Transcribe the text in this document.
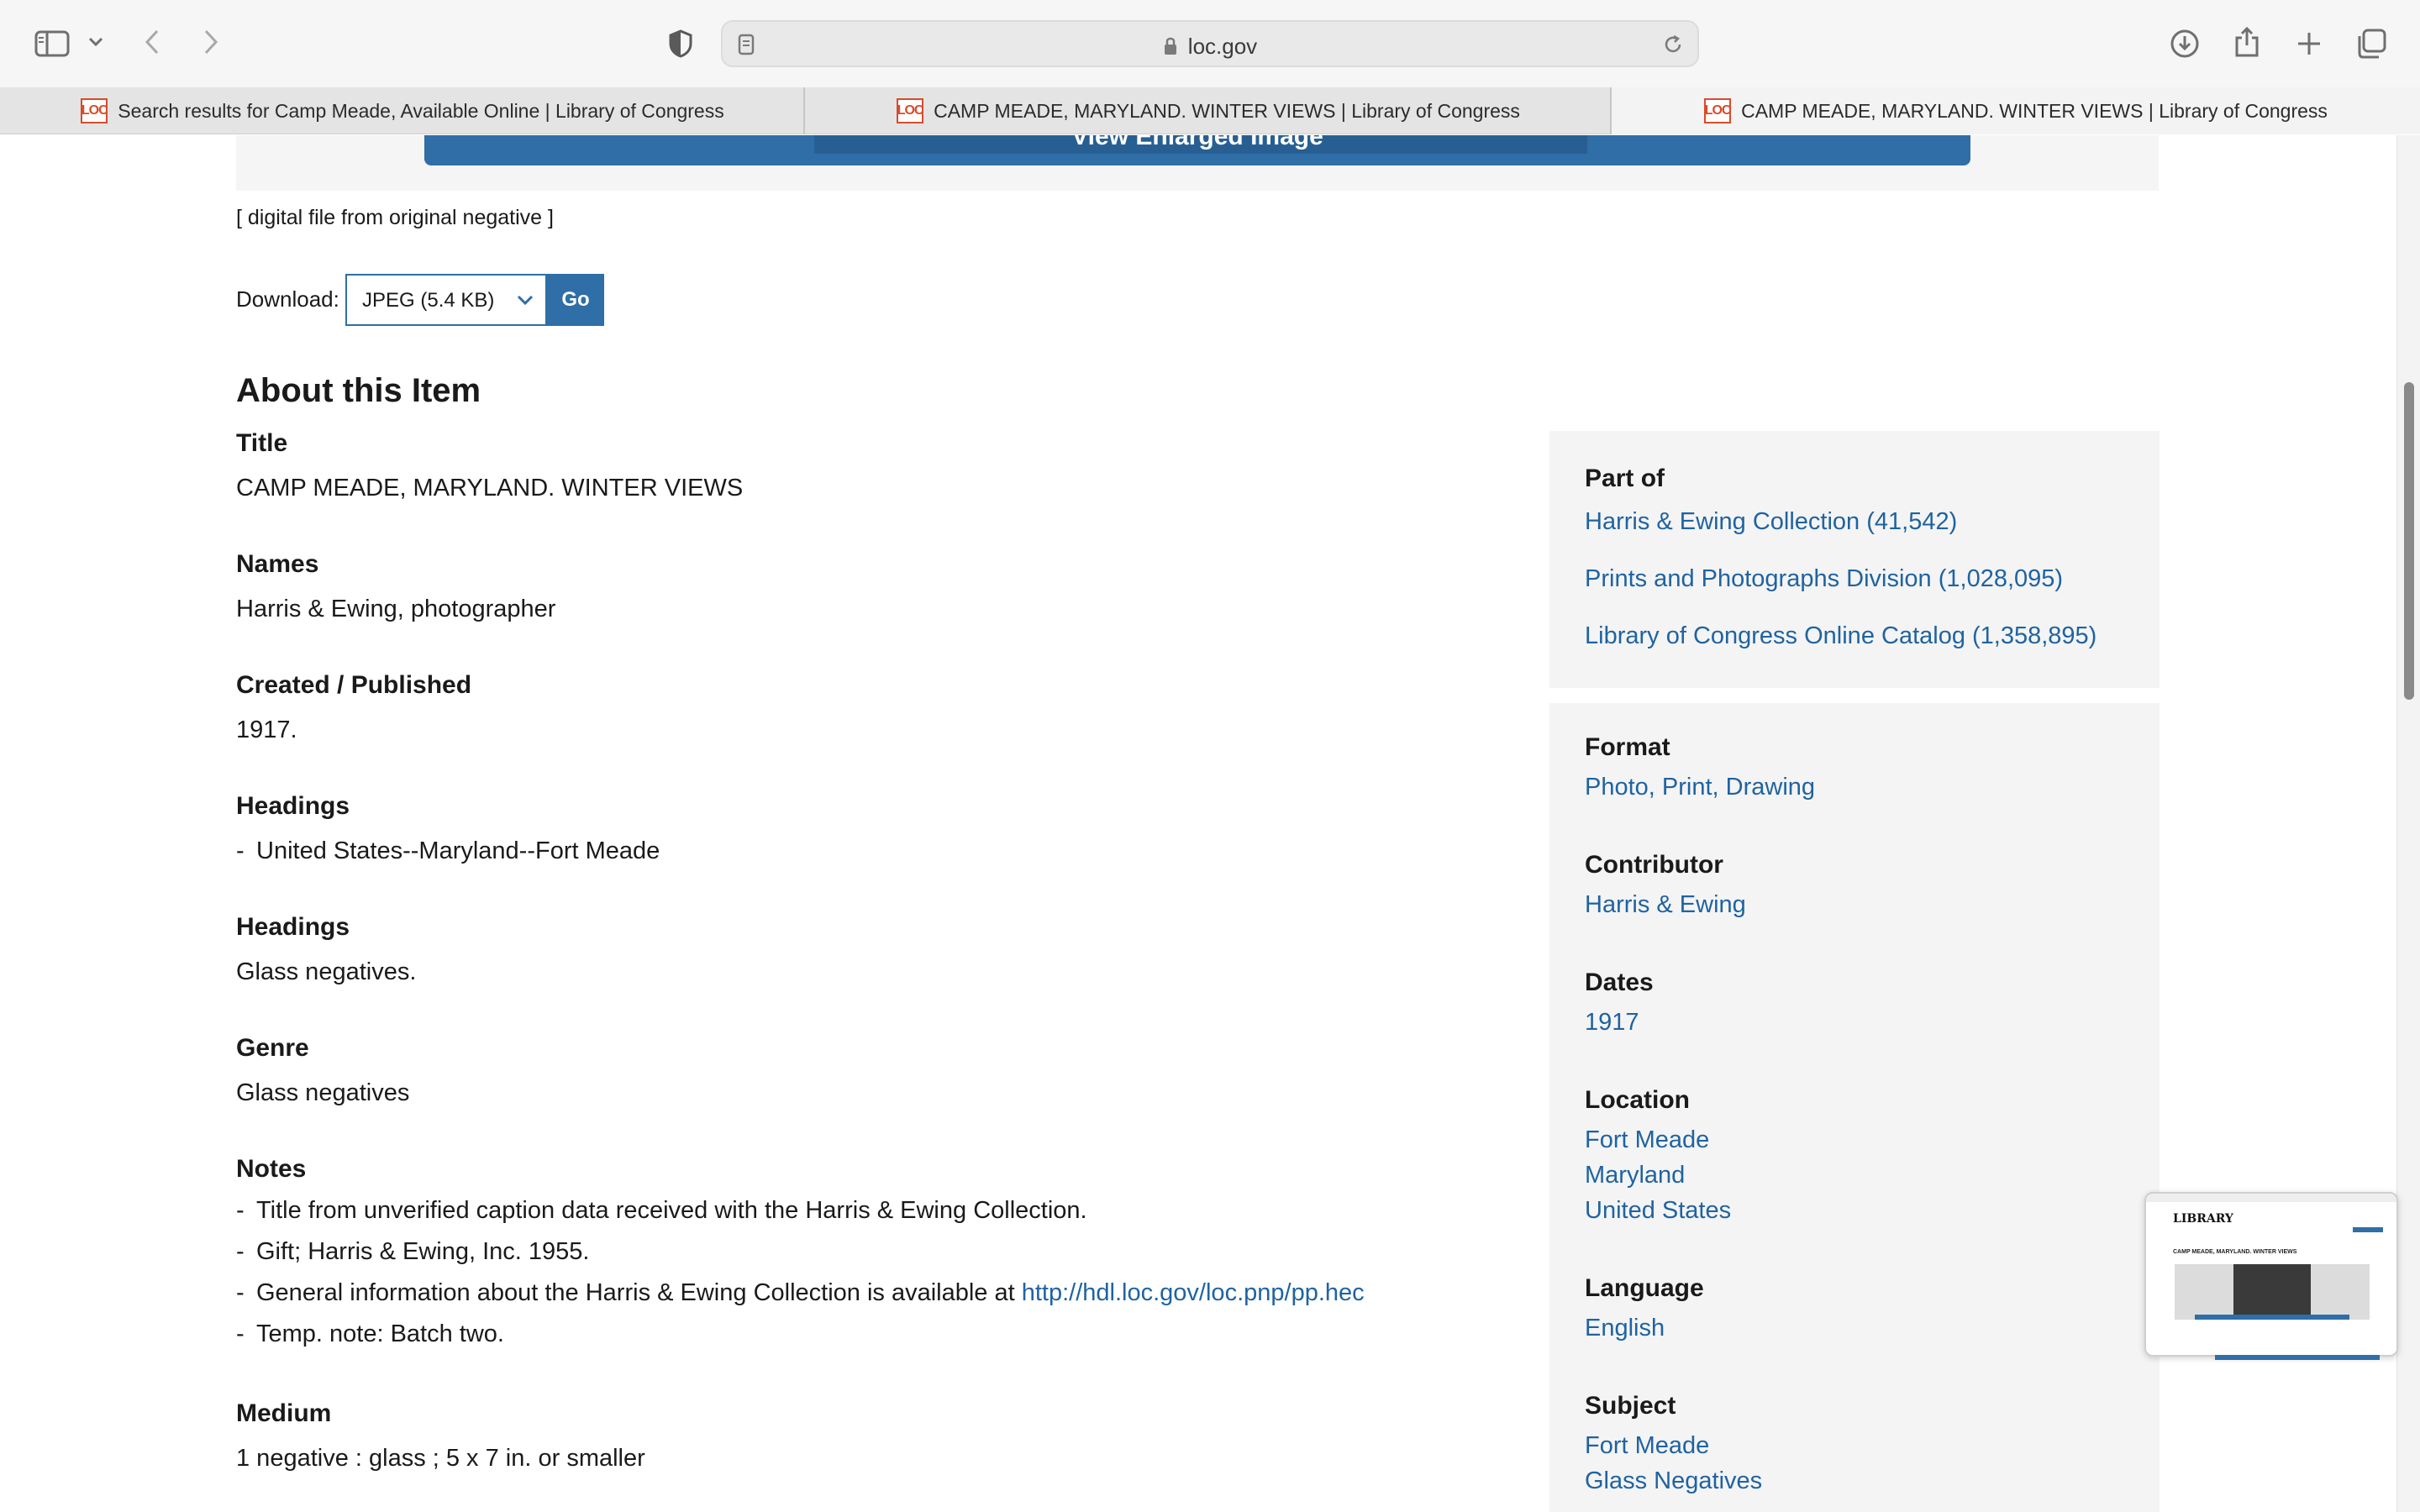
loc.gov
LOC Search results for Camp Meade, Available Online | Library of Congress	LOC CAMP MEADE, MARYLAND. WINTER VIEWS | Library of Congress	LOC CAMP MEADE, MARYLAND. WINTER VIEWS | Library of Congress
[ digital file from original negative ]
Download:	JPEG (5.4 KB)	Go
About this Item
Title
CAMP MEADE, MARYLAND. WINTER VIEWS
Names
Harris & Ewing, photographer
Created / Published
1917.
Headings
- United States--Maryland--Fort Meade
Headings
Glass negatives.
Genre
Glass negatives
Notes
- Title from unverified caption data received with the Harris & Ewing Collection.
- Gift; Harris & Ewing, Inc. 1955.
- General information about the Harris & Ewing Collection is available at http://hdl.loc.gov/loc.pnp/pp.hec
- Temp. note: Batch two.
Medium
1 negative : glass ; 5 x 7 in. or smaller
Part of
Harris & Ewing Collection (41,542)
Prints and Photographs Division (1,028,095)
Library of Congress Online Catalog (1,358,895)
Format
Photo, Print, Drawing
Contributor
Harris & Ewing
Dates
1917
Location
Fort Meade
Maryland
United States
Language
English
Subject
Fort Meade
Glass Negatives
LIBRARY
CAMP MEADE, MARYLAND. WINTER VIEWS
